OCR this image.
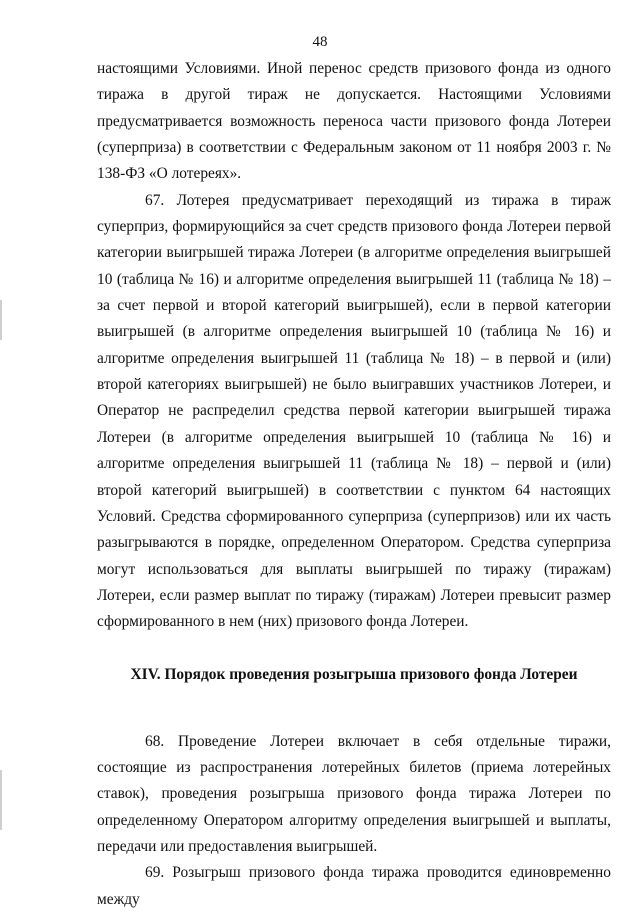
48

настоящими Условиями. Иной перенос средств призового фонда из одного тиража в другой тираж не допускается. Настоящими Условиями предусматривается возможность переноса части призового фонда Лотереи (суперприза) в соответствии с Федеральным законом от 11 ноября 2003 г. № 138-ФЗ «О лотереях».

67. Лотерея предусматривает переходящий из тиража в тираж суперприз, формирующийся за счет средств призового фонда Лотереи первой категории выигрышей тиража Лотереи (в алгоритме определения выигрышей 10 (таблица № 16) и алгоритме определения выигрышей 11 (таблица № 18) – за счет первой и второй категорий выигрышей), если в первой категории выигрышей (в алгоритме определения выигрышей 10 (таблица № 16) и алгоритме определения выигрышей 11 (таблица № 18) – в первой и (или) второй категориях выигрышей) не было выигравших участников Лотереи, и Оператор не распределил средства первой категории выигрышей тиража Лотереи (в алгоритме определения выигрышей 10 (таблица № 16) и алгоритме определения выигрышей 11 (таблица № 18) – первой и (или) второй категорий выигрышей) в соответствии с пунктом 64 настоящих Условий. Средства сформированного суперприза (суперпризов) или их часть разыгрываются в порядке, определенном Оператором. Средства суперприза могут использоваться для выплаты выигрышей по тиражу (тиражам) Лотереи, если размер выплат по тиражу (тиражам) Лотереи превысит размер сформированного в нем (них) призового фонда Лотереи.

XIV. Порядок проведения розыгрыша призового фонда Лотереи

68. Проведение Лотереи включает в себя отдельные тиражи, состоящие из распространения лотерейных билетов (приема лотерейных ставок), проведения розыгрыша призового фонда тиража Лотереи по определенному Оператором алгоритму определения выигрышей и выплаты, передачи или предоставления выигрышей.

69. Розыгрыш призового фонда тиража проводится единовременно между
